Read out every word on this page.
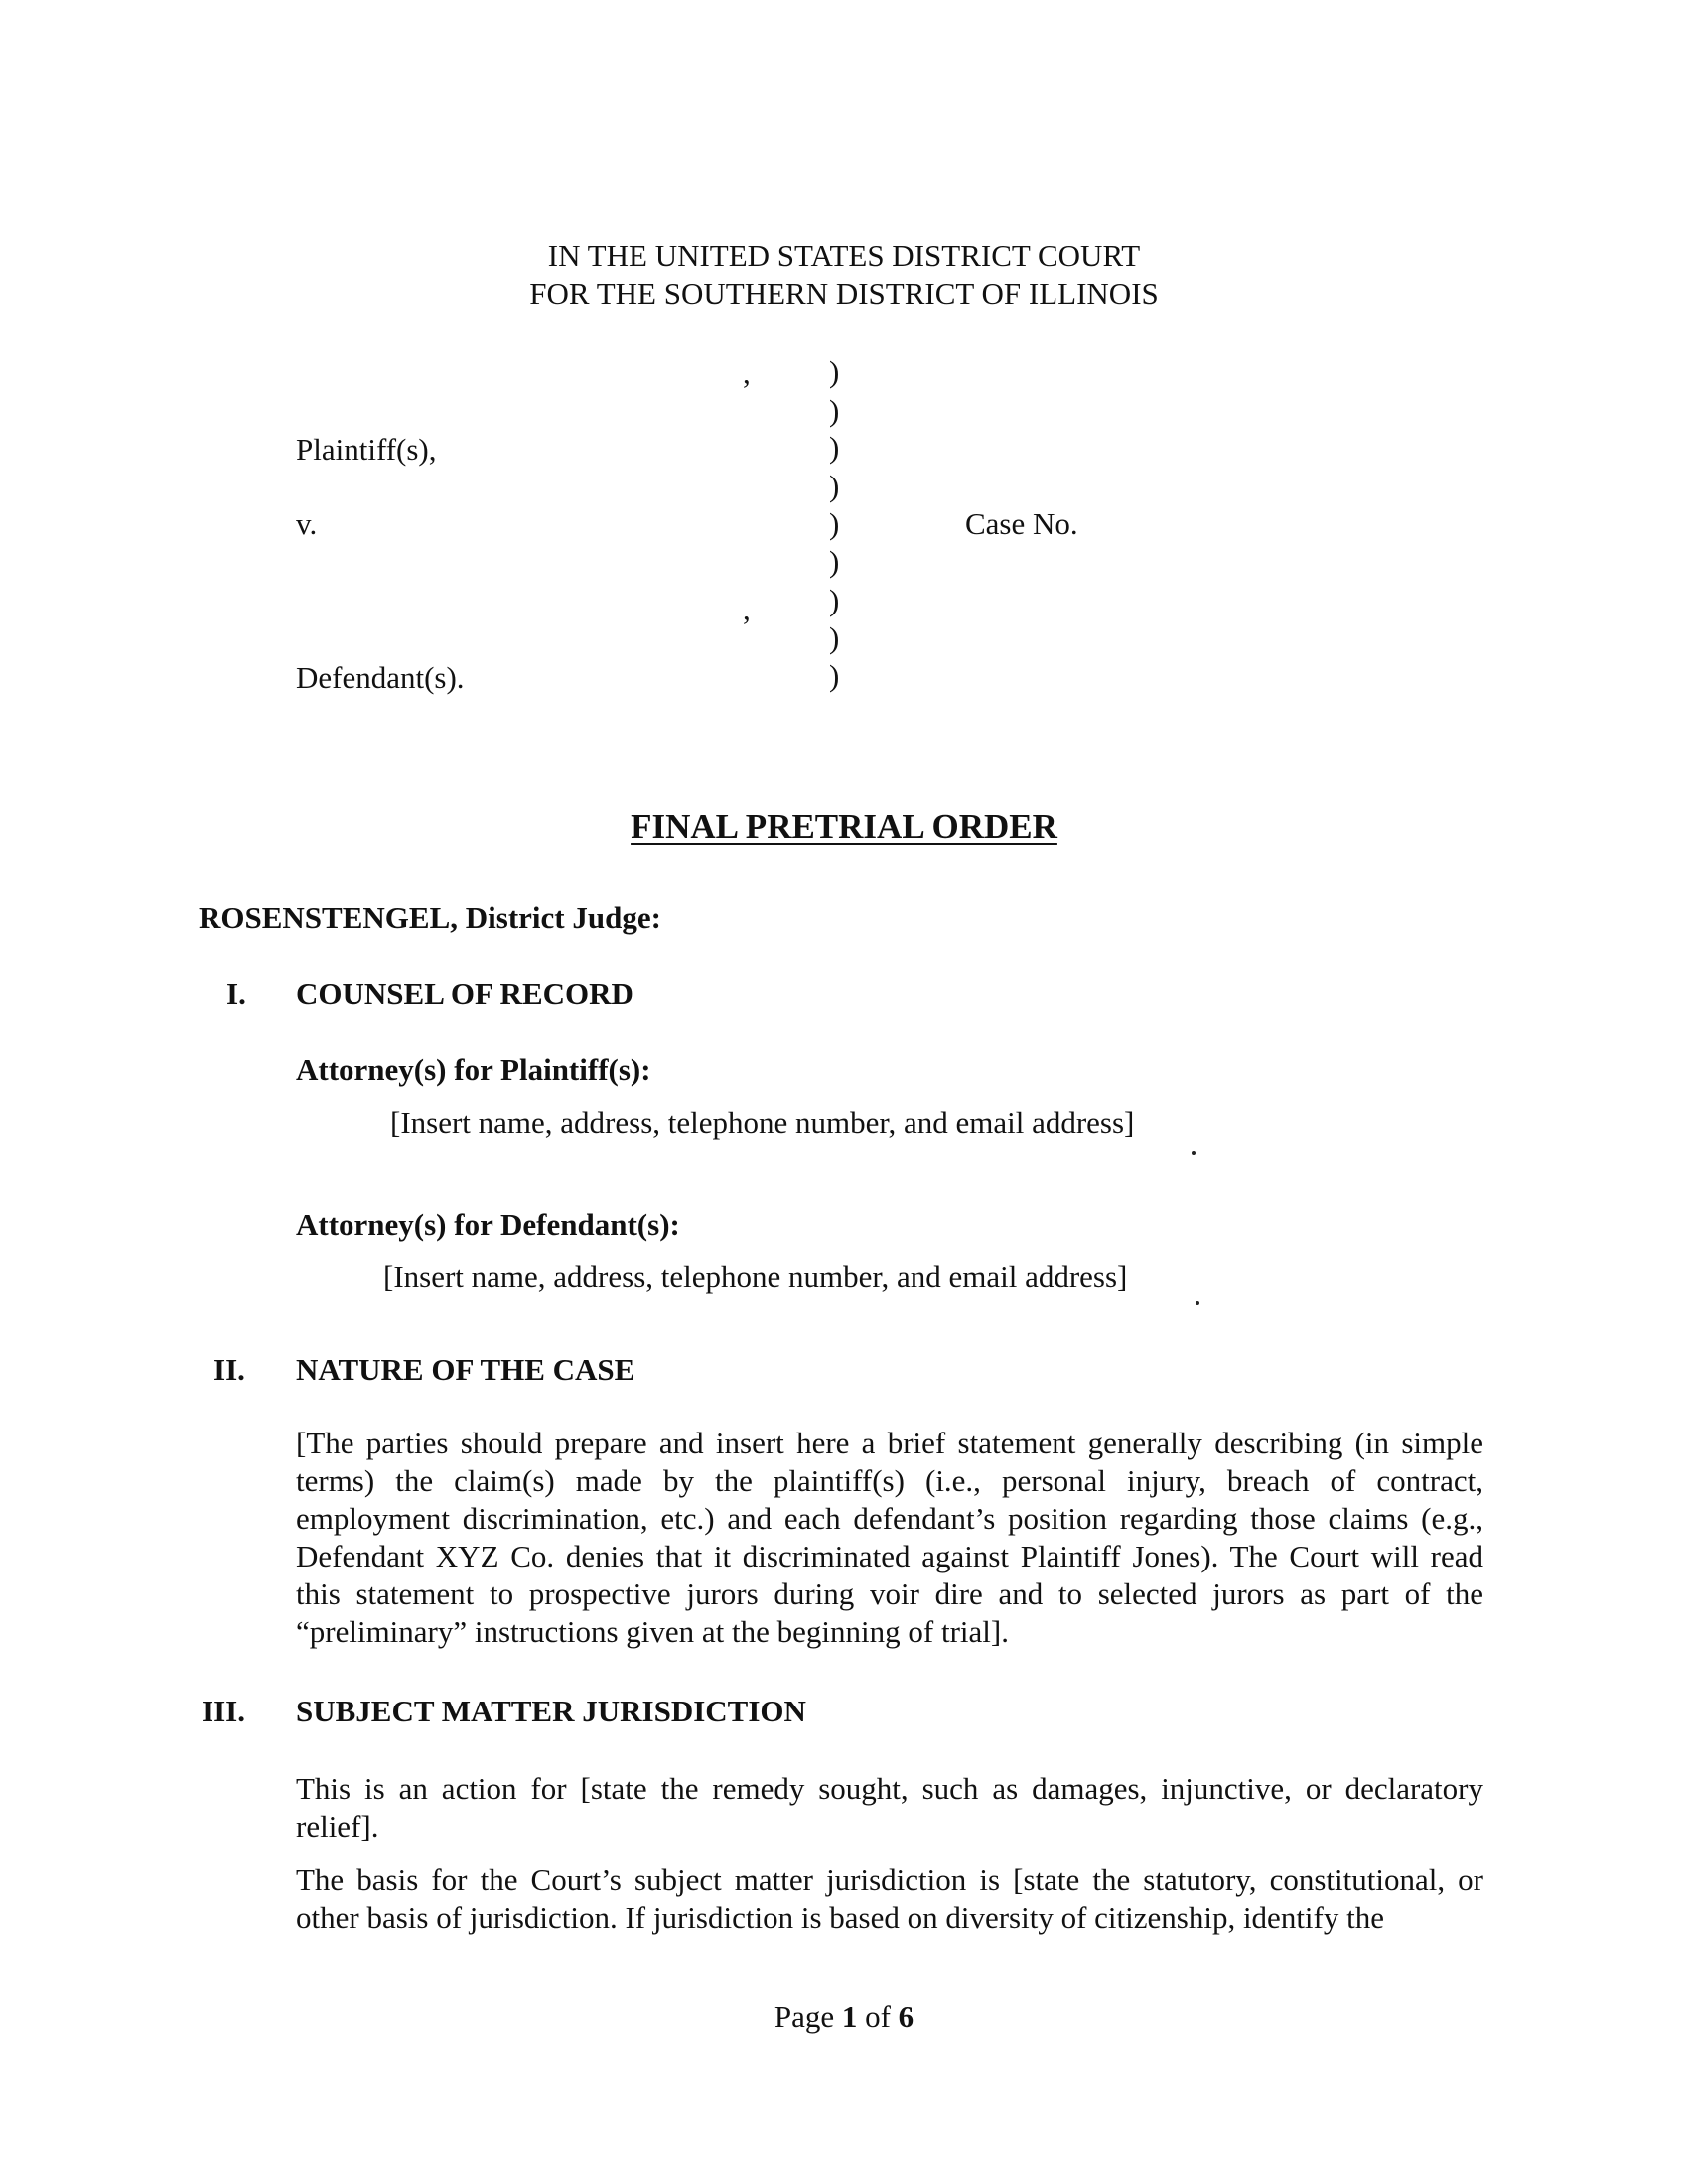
IN THE UNITED STATES DISTRICT COURT
FOR THE SOUTHERN DISTRICT OF ILLINOIS
,
Plaintiff(s),
v.	Case No.
,
Defendant(s).
)
)
)
)
)
)
)
)
)
FINAL PRETRIAL ORDER
ROSENSTENGEL, District Judge:
I. COUNSEL OF RECORD
Attorney(s) for Plaintiff(s):
[Insert name, address, telephone number, and email address]
Attorney(s) for Defendant(s):
[Insert name, address, telephone number, and email address]
II. NATURE OF THE CASE
[The parties should prepare and insert here a brief statement generally describing (in simple terms) the claim(s) made by the plaintiff(s) (i.e., personal injury, breach of contract, employment discrimination, etc.) and each defendant’s position regarding those claims (e.g., Defendant XYZ Co. denies that it discriminated against Plaintiff Jones). The Court will read this statement to prospective jurors during voir dire and to selected jurors as part of the “preliminary” instructions given at the beginning of trial].
III. SUBJECT MATTER JURISDICTION
This is an action for [state the remedy sought, such as damages, injunctive, or declaratory relief].
The basis for the Court’s subject matter jurisdiction is [state the statutory, constitutional, or other basis of jurisdiction. If jurisdiction is based on diversity of citizenship, identify the
Page 1 of 6
